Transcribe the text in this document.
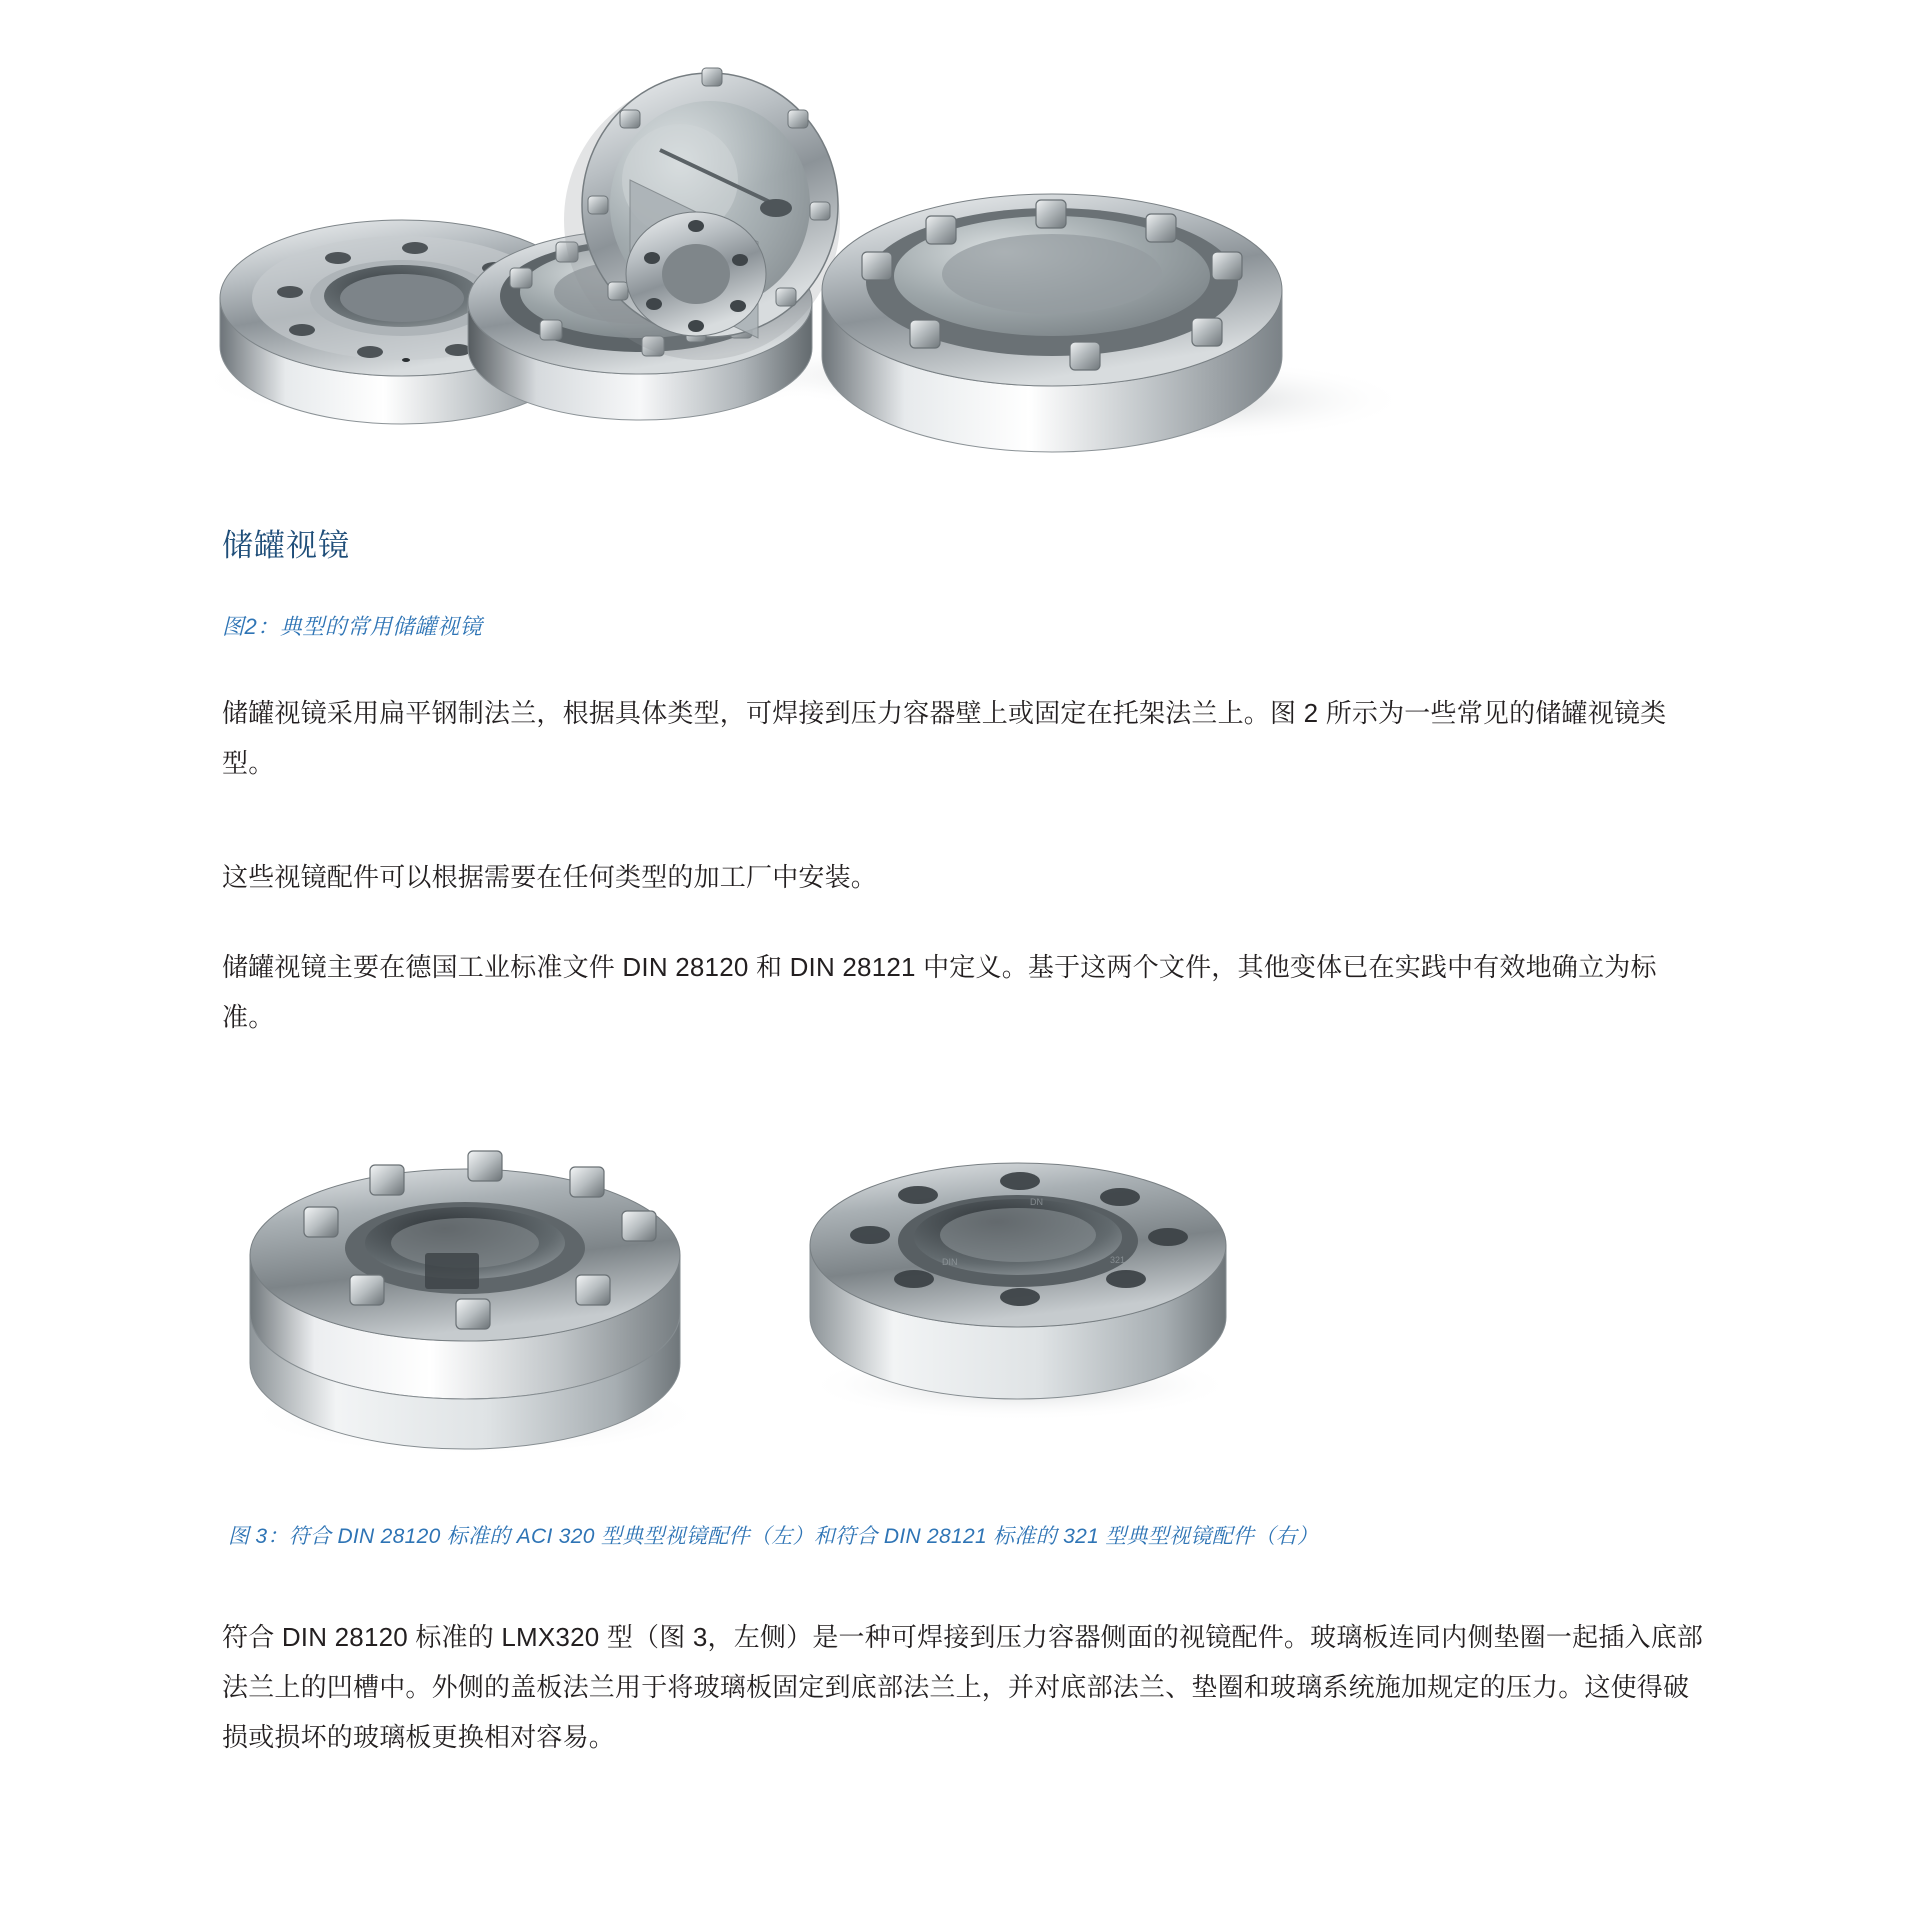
储罐视镜
图2：典型的常用储罐视镜
储罐视镜采用扁平钢制法兰，根据具体类型，可焊接到压力容器壁上或固定在托架法兰上。图 2 所示为一些常见的储罐视镜类型。
这些视镜配件可以根据需要在任何类型的加工厂中安装。
储罐视镜主要在德国工业标准文件 DIN 28120 和 DIN 28121 中定义。基于这两个文件，其他变体已在实践中有效地确立为标准。
DN
DIN	321
图 3：符合 DIN 28120 标准的 ACI 320 型典型视镜配件（左）和符合 DIN 28121 标准的 321 型典型视镜配件（右）
符合 DIN 28120 标准的 LMX320 型（图 3，左侧）是一种可焊接到压力容器侧面的视镜配件。玻璃板连同内侧垫圈一起插入底部法兰上的凹槽中。外侧的盖板法兰用于将玻璃板固定到底部法兰上，并对底部法兰、垫圈和玻璃系统施加规定的压力。这使得破损或损坏的玻璃板更换相对容易。
